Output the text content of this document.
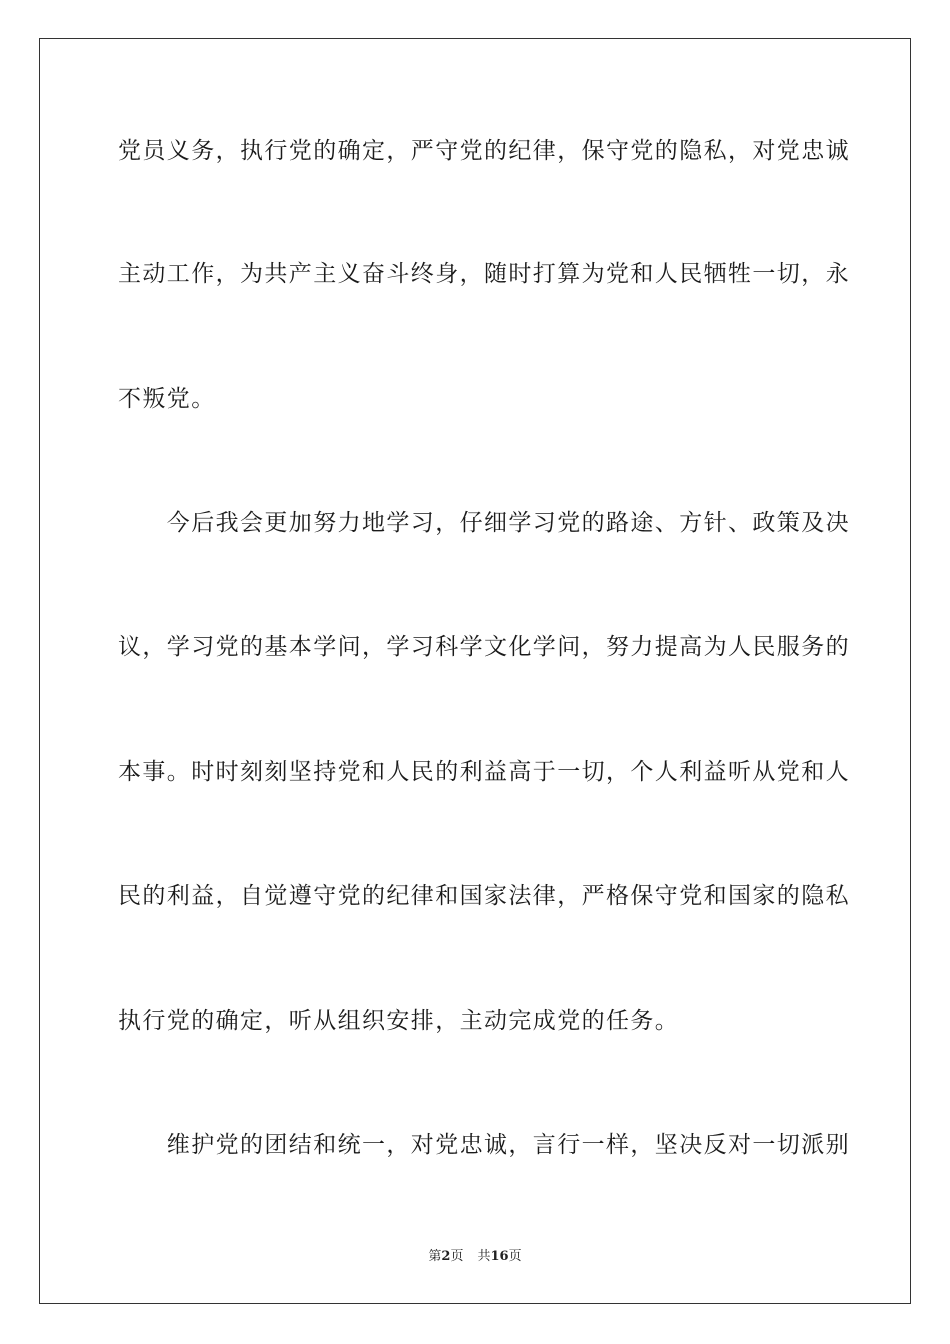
党员义务，执行党的确定，严守党的纪律，保守党的隐私，对党忠诚
主动工作，为共产主义奋斗终身，随时打算为党和人民牺牲一切，永
不叛党。
　　今后我会更加努力地学习，仔细学习党的路途、方针、政策及决
议，学习党的基本学问，学习科学文化学问，努力提高为人民服务的
本事。时时刻刻坚持党和人民的利益高于一切，个人利益听从党和人
民的利益，自觉遵守党的纪律和国家法律，严格保守党和国家的隐私
执行党的确定，听从组织安排，主动完成党的任务。
　　维护党的团结和统一，对党忠诚，言行一样，坚决反对一切派别
第2页 共16页
